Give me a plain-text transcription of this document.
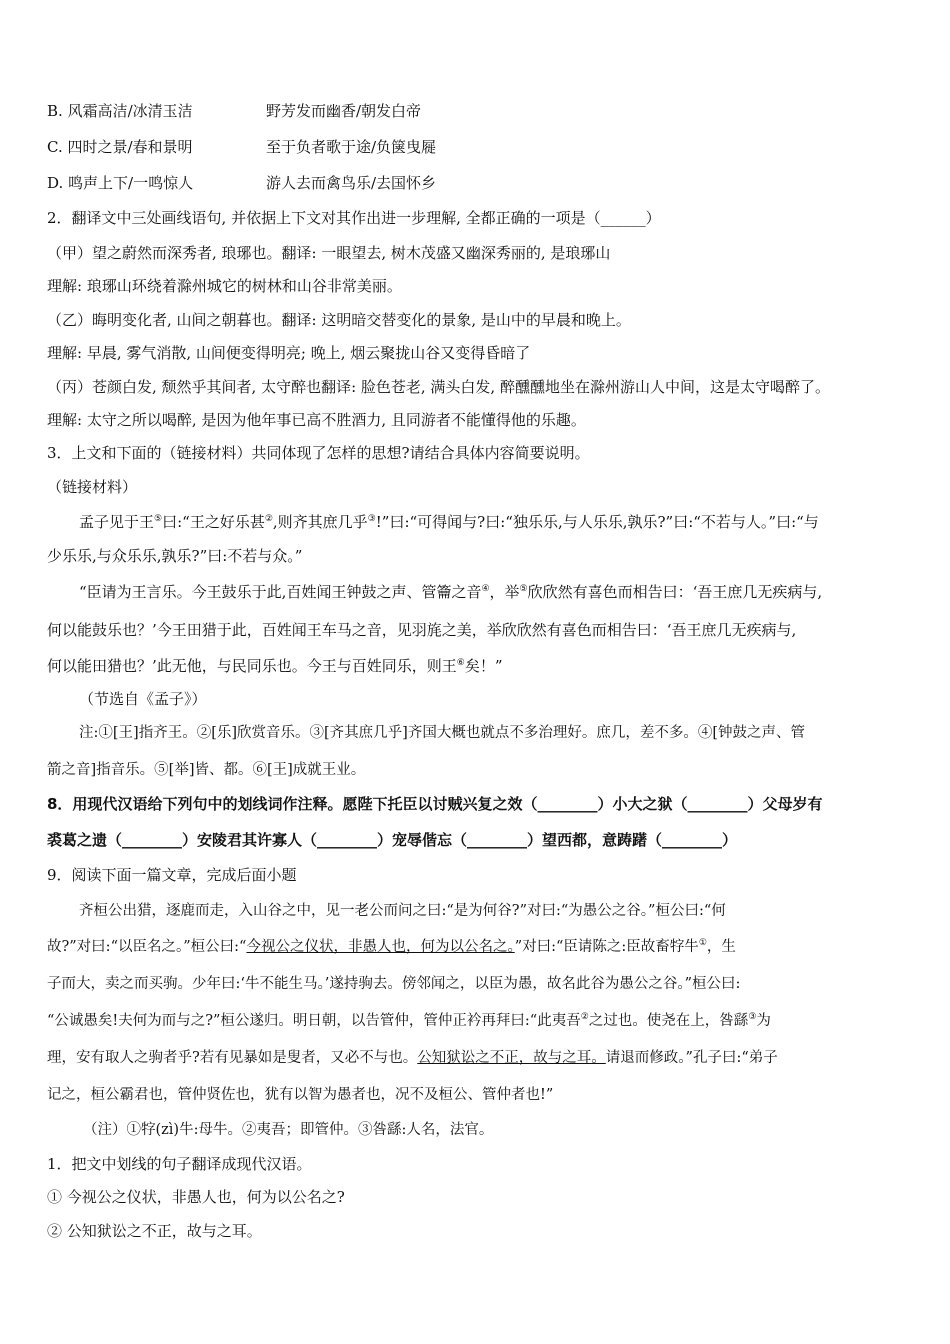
B. 风霜高洁/冰清玉洁	野芳发而幽香/朝发白帝
C. 四时之景/春和景明	至于负者歌于途/负箧曳屣
D. 鸣声上下/一鸣惊人	游人去而禽鸟乐/去国怀乡
2．翻译文中三处画线语句, 并依据上下文对其作出进一步理解, 全都正确的一项是（______）
（甲）望之蔚然而深秀者, 琅琊也。翻译: 一眼望去, 树木茂盛又幽深秀丽的, 是琅琊山
理解: 琅琊山环绕着滁州城它的树林和山谷非常美丽。
（乙）晦明变化者, 山间之朝暮也。翻译: 这明暗交替变化的景象, 是山中的早晨和晚上。
理解: 早晨, 雾气消散, 山间便变得明亮; 晚上, 烟云聚拢山谷又变得昏暗了
（丙）苍颜白发, 颓然乎其间者, 太守醉也翻译: 脸色苍老, 满头白发, 醉醺醺地坐在滁州游山人中间，这是太守喝醉了。
理解: 太守之所以喝醉, 是因为他年事已高不胜酒力, 且同游者不能懂得他的乐趣。
3．上文和下面的（链接材料）共同体现了怎样的思想?请结合具体内容简要说明。
（链接材料）
孟子见于王⑤曰:“王之好乐甚②,则齐其庶几乎③!”曰:“可得闻与?曰:“独乐乐,与人乐乐,孰乐?”曰:“不若与人。”曰:“与
少乐乐,与众乐乐,孰乐?”曰:不若与众。”
“臣请为王言乐。今王鼓乐于此,百姓闻王钟鼓之声、管籥之音④，举⑤欣欣然有喜色而相告曰：‘吾王庶几无疾病与,
何以能鼓乐也？’今王田猎于此，百姓闻王车马之音，见羽旄之美，举欣欣然有喜色而相告曰：‘吾王庶几无疾病与,
何以能田猎也？’此无他，与民同乐也。今王与百姓同乐，则王⑥矣！”
（节选自《孟子》）
注:①[王]指齐王。②[乐]欣赏音乐。③[齐其庶几乎]齐国大概也就点不多治理好。庶几，差不多。④[钟鼓之声、管
箭之音]指音乐。⑤[举]皆、都。⑥[王]成就王业。
8．用现代汉语给下列句中的划线词作注释。愿陛下托臣以讨贼兴复之效（________）小大之狱（________）父母岁有
裘葛之遗（________）安陵君其许寡人（________）宠辱偕忘（________）望西都，意踌躇（________）
9．阅读下面一篇文章，完成后面小题
齐桓公出猎，逐鹿而走，入山谷之中，见一老公而问之曰:“是为何谷?”对曰:“为愚公之谷。”桓公曰:“何
故?”对曰:“以臣名之。”桓公曰:“今视公之仪状，非愚人也，何为以公名之。”对曰:“臣请陈之:臣故畜牸牛①，生
子而大，卖之而买驹。少年曰:‘牛不能生马。’遂持驹去。傍邻闻之，以臣为愚，故名此谷为愚公之谷。”桓公曰:
“公诚愚矣!夫何为而与之?”桓公遂归。明日朝，以告管仲，管仲正衿再拜曰:“此夷吾②之过也。使尧在上，咎繇③为
理，安有取人之驹者乎?若有见暴如是叟者，又必不与也。公知狱讼之不正，故与之耳。请退而修政。”孔子曰:“弟子
记之，桓公霸君也，管仲贤佐也，犹有以智为愚者也，况不及桓公、管仲者也!”
（注）①牸(zì)牛:母牛。②夷吾；即管仲。③咎繇:人名，法官。
1．把文中划线的句子翻译成现代汉语。
① 今视公之仪状，非愚人也，何为以公名之?
② 公知狱讼之不正，故与之耳。
